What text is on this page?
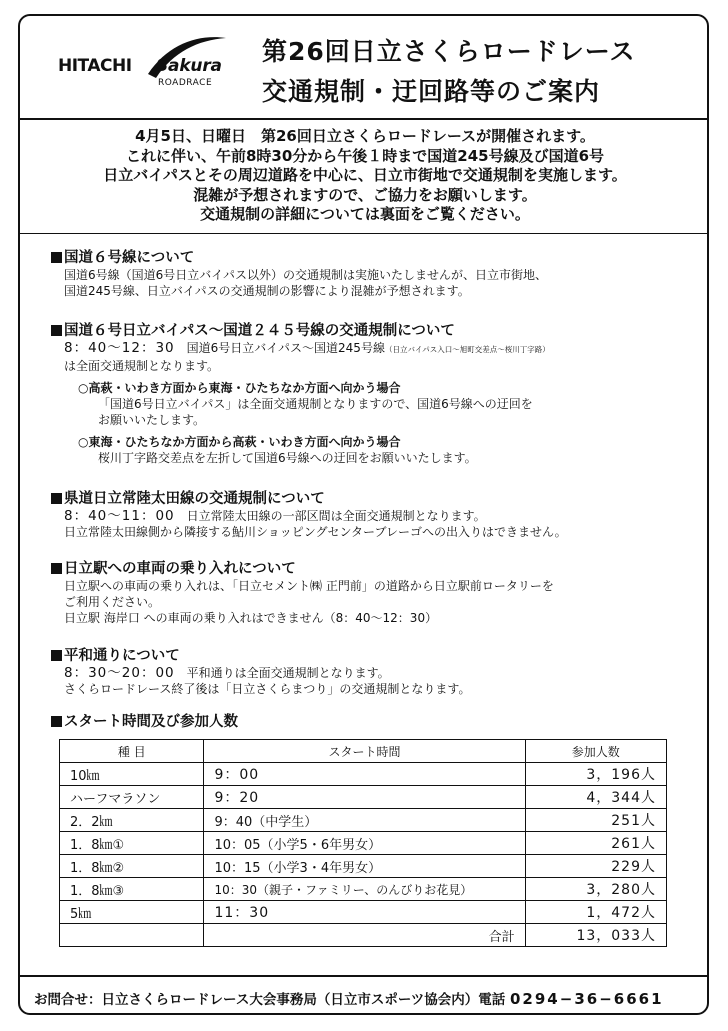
HITACHI Sakura
ROADRACE
第26回日立さくらロードレース
交通規制・迂回路等のご案内
4月5日、日曜日　第26回日立さくらロードレースが開催されます。
これに伴い、午前8時30分から午後１時まで国道245号線及び国道6号
日立バイパスとその周辺道路を中心に、日立市街地で交通規制を実施します。
混雑が予想されますので、ご協力をお願いします。
交通規制の詳細については裏面をご覧ください。
国道６号線について
国道6号線（国道6号日立バイパス以外）の交通規制は実施いたしませんが、日立市街地、
国道245号線、日立バイパスの交通規制の影響により混雑が予想されます。
国道６号日立バイパス〜国道２４５号線の交通規制について
8：40〜12：30　 国道6号日立バイパス〜国道245号線（日立バイパス入口〜旭町交差点〜桜川丁字路）
は全面交通規制となります。
○高萩・いわき方面から東海・ひたちなか方面へ向かう場合
「国道6号日立バイパス」は全面交通規制となりますので、国道6号線への迂回を
お願いいたします。
○東海・ひたちなか方面から高萩・いわき方面へ向かう場合
桜川丁字路交差点を左折して国道6号線への迂回をお願いいたします。
県道日立常陸太田線の交通規制について
8：40〜11：00　 日立常陸太田線の一部区間は全面交通規制となります。
日立常陸太田線側から隣接する鮎川ショッピングセンターブレーゴへの出入りはできません。
日立駅への車両の乗り入れについて
日立駅への車両の乗り入れは、「日立セメント㈱ 正門前」の道路から日立駅前ロータリーを
ご利用ください。
日立駅 海岸口 への車両の乗り入れはできません（8：40〜12：30）
平和通りについて
8：30〜20：00　 平和通りは全面交通規制となります。
さくらロードレース終了後は「日立さくらまつり」の交通規制となります。
スタート時間及び参加人数
種 目	スタート時間	参加人数
10㎞	9：00	3，196人
ハーフマラソン	9：20	4，344人
2．2㎞	9：40（中学生）	251人
1．8㎞①	10：05（小学5・6年男女）	261人
1．8㎞②	10：15（小学3・4年男女）	229人
1．8㎞③	10：30（親子・ファミリー、のんびりお花見）	3，280人
5㎞	11：30	1，472人
	合計	13，033人
お問合せ：日立さくらロードレース大会事務局（日立市スポーツ協会内）電話 0294−36−6661
